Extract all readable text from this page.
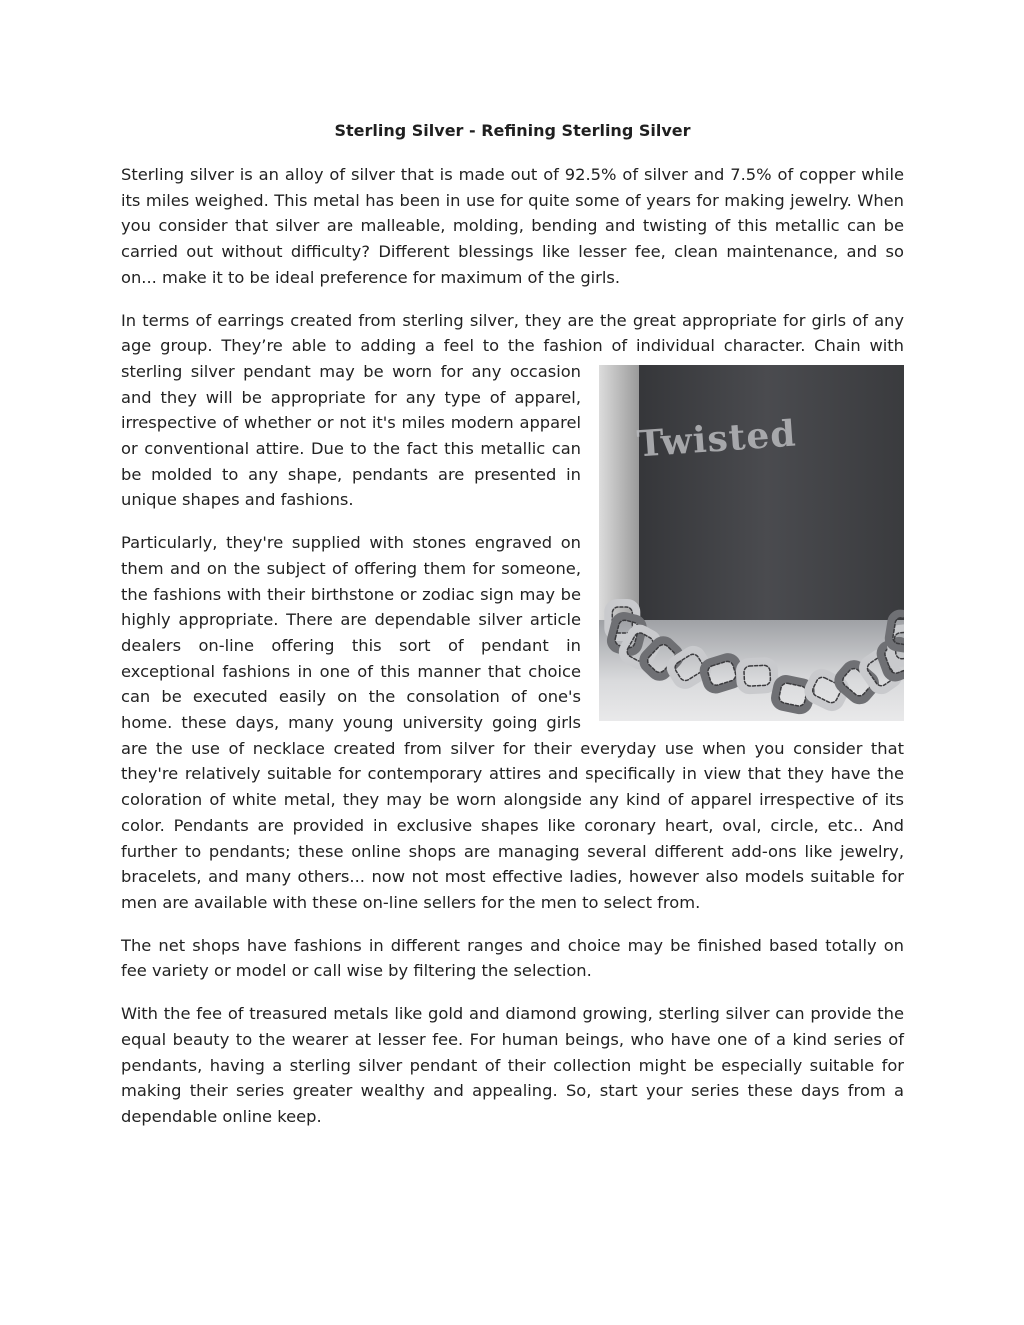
Sterling Silver - Refining Sterling Silver

Sterling silver is an alloy of silver that is made out of 92.5% of silver and 7.5% of copper while its miles weighed. This metal has been in use for quite some of years for making jewelry. When you consider that silver are malleable, molding, bending and twisting of this metallic can be carried out without difficulty? Different blessings like lesser fee, clean maintenance, and so on... make it to be ideal preference for maximum of the girls.

In terms of earrings created from sterling silver, they are the great appropriate for girls of any age group. They’re able to adding a feel to the fashion of individual character.
Twisted
Chain with sterling silver pendant may be worn for any occasion and they will be appropriate for any type of apparel, irrespective of whether or not it's miles modern apparel or conventional attire. Due to the fact this metallic can be molded to any shape, pendants are presented in unique shapes and fashions.

Particularly, they're supplied with stones engraved on them and on the subject of offering them for someone, the fashions with their birthstone or zodiac sign may be highly appropriate. There are dependable silver article dealers on-line offering this sort of pendant in exceptional fashions in one of this manner that choice can be executed easily on the consolation of one's home. these days, many young university going girls are the use of necklace created from silver for their everyday use when you consider that they're relatively suitable for contemporary attires and specifically in view that they have the coloration of white metal, they may be worn alongside any kind of apparel irrespective of its color. Pendants are provided in exclusive shapes like coronary heart, oval, circle, etc.. And further to pendants; these online shops are managing several different add-ons like jewelry, bracelets, and many others... now not most effective ladies, however also models suitable for men are available with these on-line sellers for the men to select from.

The net shops have fashions in different ranges and choice may be finished based totally on fee variety or model or call wise by filtering the selection.

With the fee of treasured metals like gold and diamond growing, sterling silver can provide the equal beauty to the wearer at lesser fee. For human beings, who have one of a kind series of pendants, having a sterling silver pendant of their collection might be especially suitable for making their series greater wealthy and appealing. So, start your series these days from a dependable online keep.
